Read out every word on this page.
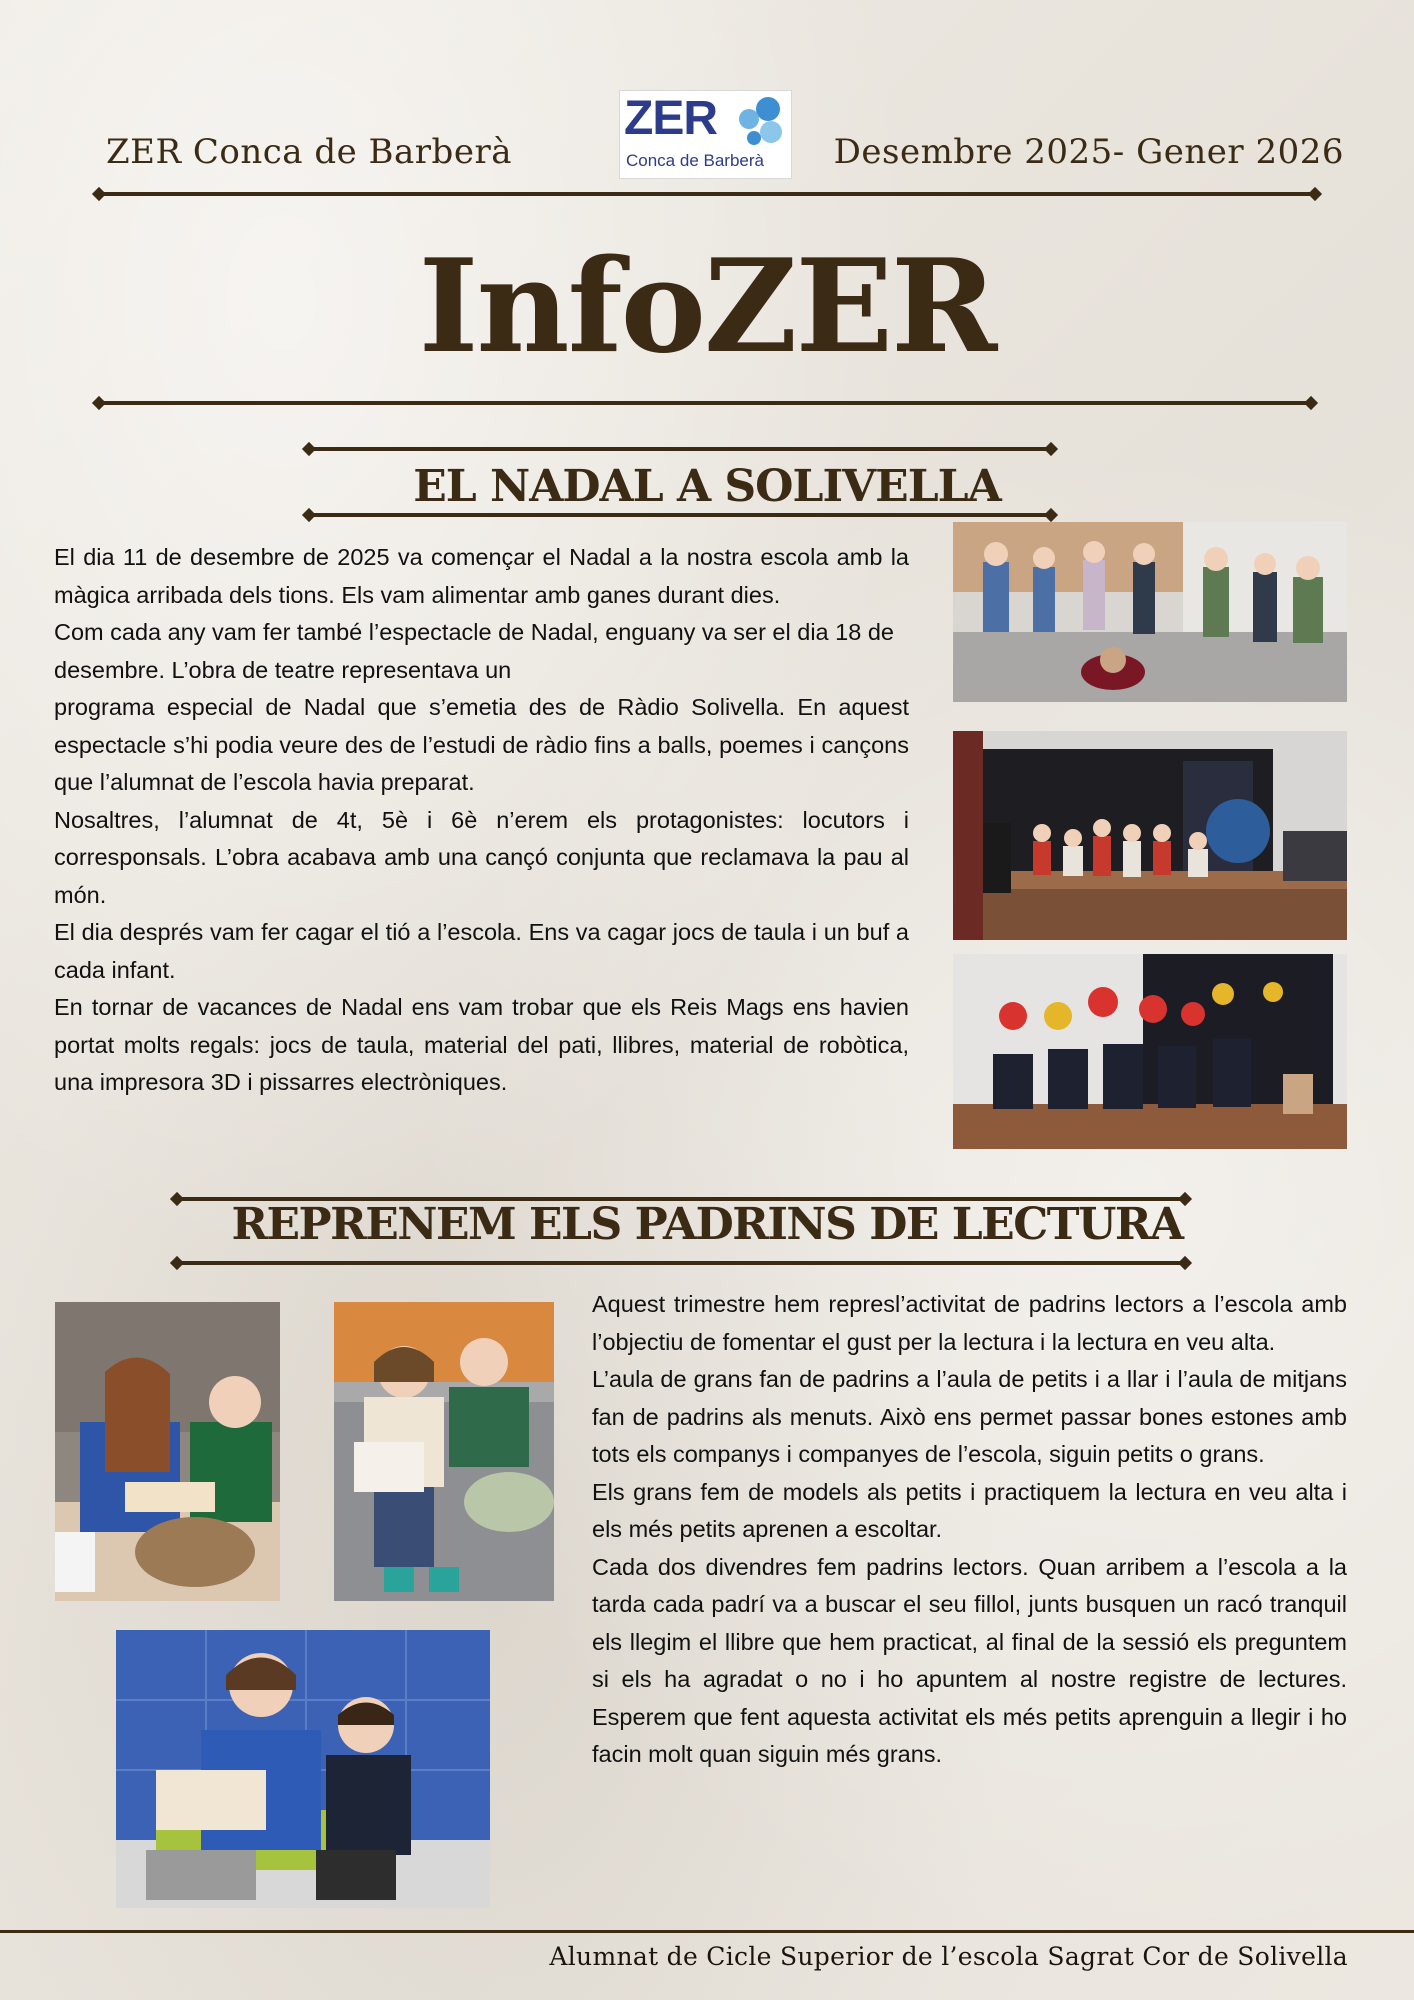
ZER Conca de Barberà
ZER
Conca de Barberà Desembre 2025- Gener 2026
InfoZER
EL NADAL A SOLIVELLA

El dia 11 de desembre de 2025 va començar el Nadal a la nostra escola amb la màgica arribada dels tions. Els vam alimentar amb ganes durant dies.

Com cada any vam fer també l’espectacle de Nadal, enguany va ser el dia 18 de desembre. L’obra de teatre representava un

programa especial de Nadal que s’emetia des de Ràdio Solivella. En aquest espectacle s’hi podia veure des de l’estudi de ràdio fins a balls, poemes i cançons que l’alumnat de l’escola havia preparat.

Nosaltres, l’alumnat de 4t, 5è i 6è n’erem els protagonistes: locutors i corresponsals. L’obra acabava amb una cançó conjunta que reclamava la pau al món.

El dia després vam fer cagar el tió a l’escola. Ens va cagar jocs de taula i un buf a cada infant.

En tornar de vacances de Nadal ens vam trobar que els Reis Mags ens havien portat molts regals: jocs de taula, material del pati, llibres, material de robòtica, una impresora 3D i pissarres electròniques.

REPRENEM ELS PADRINS DE LECTURA

Aquest trimestre hem represl’activitat de padrins lectors a l’escola amb l’objectiu de fomentar el gust per la lectura i la lectura en veu alta.

L’aula de grans fan de padrins a l’aula de petits i a llar i l’aula de mitjans fan de padrins als menuts. Això ens permet passar bones estones amb tots els companys i companyes de l’escola, siguin petits o grans.

Els grans fem de models als petits i practiquem la lectura en veu alta i els més petits aprenen a escoltar.

Cada dos divendres fem padrins lectors. Quan arribem a l’escola a la tarda cada padrí va a buscar el seu fillol, junts busquen un racó tranquil els llegim el llibre que hem practicat, al final de la sessió els preguntem si els ha agradat o no i ho apuntem al nostre registre de lectures. Esperem que fent aquesta activitat els més petits aprenguin a llegir i ho facin molt quan siguin més grans.

Alumnat de Cicle Superior de l’escola Sagrat Cor de Solivella
